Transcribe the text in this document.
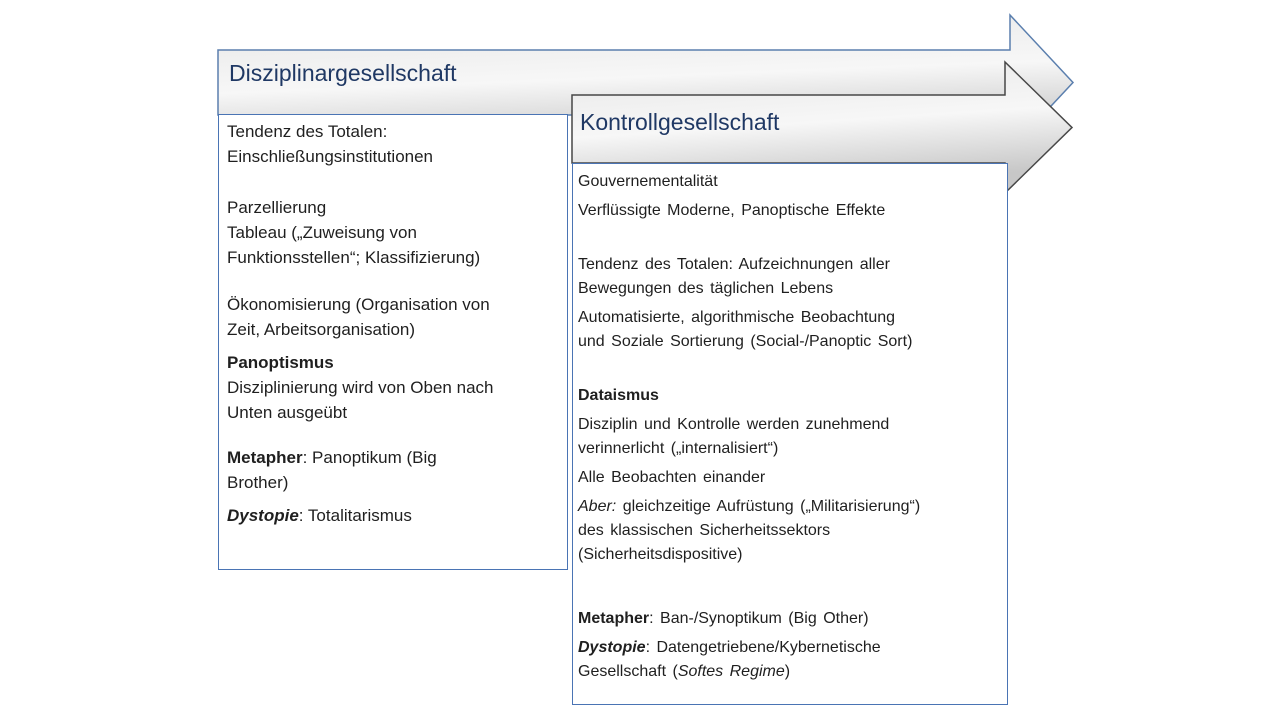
Tendenz des Totalen:
Einschließungsinstitutionen

Parzellierung
Tableau („Zuweisung von
Funktionsstellen“; Klassifizierung)

Ökonomisierung (Organisation von
Zeit, Arbeitsorganisation)

Panoptismus
Disziplinierung wird von Oben nach
Unten ausgeübt

Metapher: Panoptikum (Big
Brother)

Dystopie: Totalitarismus

Gouvernementalität

Verflüssigte Moderne, Panoptische Effekte

Tendenz des Totalen: Aufzeichnungen aller
Bewegungen des täglichen Lebens

Automatisierte, algorithmische Beobachtung
und Soziale Sortierung (Social-/Panoptic Sort)

Dataismus

Disziplin und Kontrolle werden zunehmend
verinnerlicht („internalisiert“)

Alle Beobachten einander

Aber: gleichzeitige Aufrüstung („Militarisierung“)
des klassischen Sicherheitssektors
(Sicherheitsdispositive)

Metapher: Ban-/Synoptikum (Big Other)

Dystopie: Datengetriebene/Kybernetische
Gesellschaft (Softes Regime)

Disziplinargesellschaft
Kontrollgesellschaft
